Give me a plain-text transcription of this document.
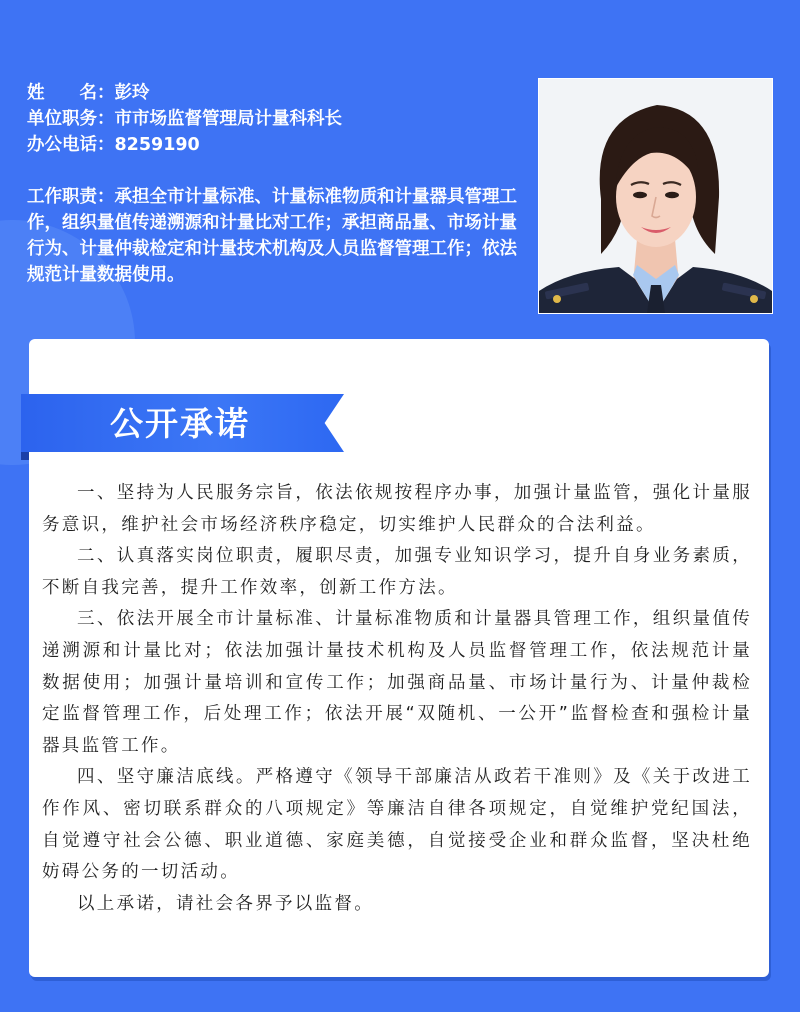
姓　　名： 彭玲
单位职务： 市市场监督管理局计量科科长
办公电话： 8259190
工作职责：承担全市计量标准、计量标准物质和计量器具管理工作，组织量值传递溯源和计量比对工作；承担商品量、市场计量行为、计量仲裁检定和计量技术机构及人员监督管理工作；依法规范计量数据使用。
公开承诺

一、坚持为人民服务宗旨，依法依规按程序办事，加强计量监管，强化计量服务意识，维护社会市场经济秩序稳定，切实维护人民群众的合法利益。

二、认真落实岗位职责，履职尽责，加强专业知识学习，提升自身业务素质，不断自我完善，提升工作效率，创新工作方法。

三、依法开展全市计量标准、计量标准物质和计量器具管理工作，组织量值传递溯源和计量比对；依法加强计量技术机构及人员监督管理工作，依法规范计量数据使用；加强计量培训和宣传工作；加强商品量、市场计量行为、计量仲裁检定监督管理工作，后处理工作；依法开展“双随机、一公开”监督检查和强检计量器具监管工作。

四、坚守廉洁底线。严格遵守《领导干部廉洁从政若干准则》及《关于改进工作作风、密切联系群众的八项规定》等廉洁自律各项规定，自觉维护党纪国法，自觉遵守社会公德、职业道德、家庭美德，自觉接受企业和群众监督，坚决杜绝妨碍公务的一切活动。

以上承诺，请社会各界予以监督。
